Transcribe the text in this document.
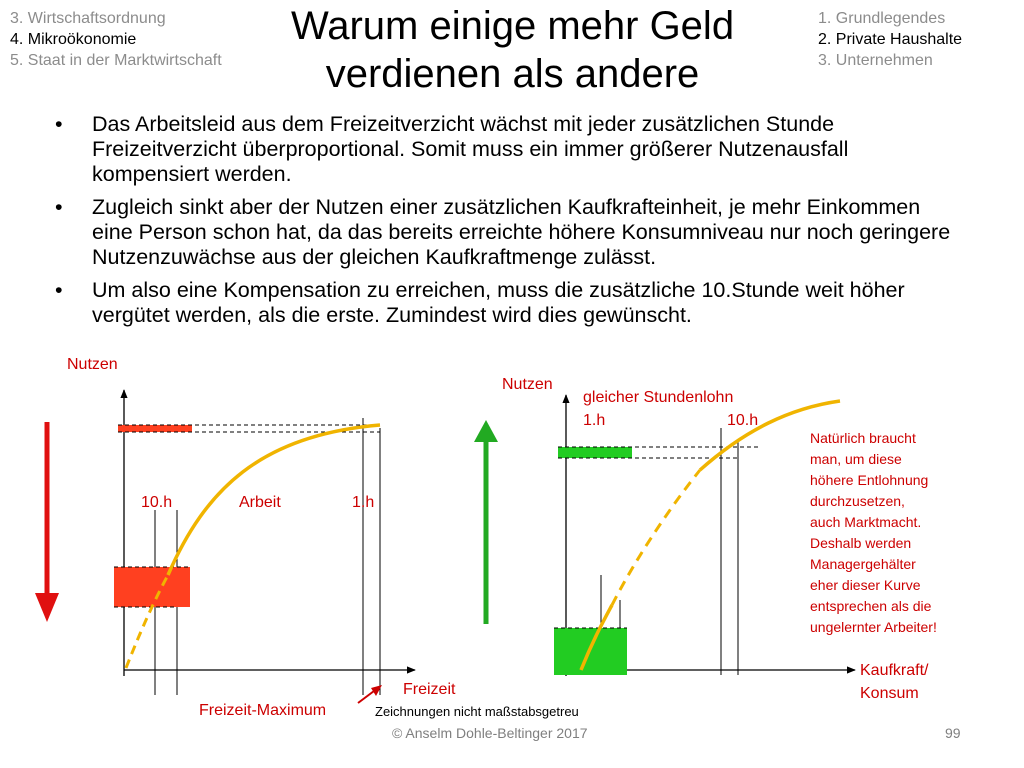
3. Wirtschaftsordnung
4. Mikroökonomie
5. Staat in der Marktwirtschaft
Warum einige mehr Geld verdienen als andere
1. Grundlegendes
2. Private Haushalte
3. Unternehmen
• Das Arbeitsleid aus dem Freizeitverzicht wächst mit jeder zusätzlichen Stunde Freizeitverzicht überproportional. Somit muss ein immer größerer Nutzenausfall kompensiert werden.
• Zugleich sinkt aber der Nutzen einer zusätzlichen Kaufkrafteinheit, je mehr Einkommen eine Person schon hat, da das bereits erreichte höhere Konsumniveau nur noch geringere Nutzenzuwächse aus der gleichen Kaufkraftmenge zulässt.
• Um also eine Kompensation zu erreichen, muss die zusätzliche 10.Stunde weit höher vergütet werden, als die erste. Zumindest wird dies gewünscht.
Nutzen
10.h	Arbeit	1.h
Freizeit
Freizeit-Maximum
Nutzen
gleicher Stundenlohn
1.h	10.h
Kaufkraft/
Konsum
Natürlich braucht
man, um diese
höhere Entlohnung
durchzusetzen,
auch Marktmacht.
Deshalb werden
Managergehälter
eher dieser Kurve
entsprechen als die
ungelernter Arbeiter!
Zeichnungen nicht maßstabsgetreu
© Anselm Dohle-Beltinger 2017	99
